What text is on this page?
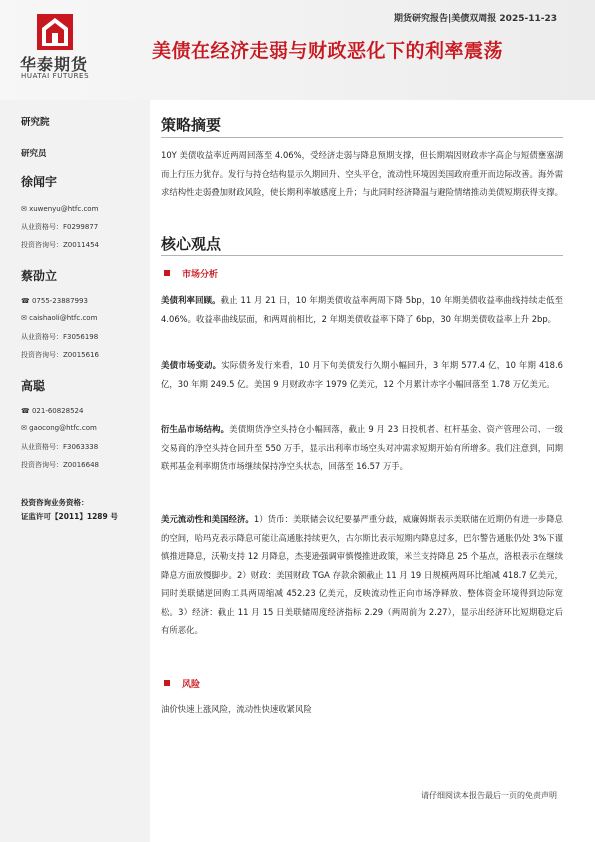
华泰期货
HUATAI FUTURES
期货研究报告|美债双周报 2025-11-23
美债在经济走弱与财政恶化下的利率震荡
研究院
研究员
徐闻宇
✉ xuwenyu@htfc.com
从业资格号：F0299877
投资咨询号：Z0011454
蔡劭立
☎ 0755-23887993
✉ caishaoli@htfc.com
从业资格号：F3056198
投资咨询号：Z0015616
高聪
☎ 021-60828524
✉ gaocong@htfc.com
从业资格号：F3063338
投资咨询号：Z0016648
投资咨询业务资格：
证监许可【2011】1289 号
策略摘要
10Y 美债收益率近两周回落至 4.06%，受经济走弱与降息预期支撑，但长期端因财政赤字高企与短债壅塞湖而上行压力犹存。发行与持仓结构显示久期回升、空头平仓，流动性环境因美国政府重开而边际改善。海外需求结构性走弱叠加财政风险，使长期利率敏感度上升；与此同时经济降温与避险情绪推动美债短期获得支撑。
核心观点
市场分析
美债利率回顾。截止 11 月 21 日，10 年期美债收益率两周下降 5bp，10 年期美债收益率曲线持续走低至 4.06%。收益率曲线层面，和两周前相比，2 年期美债收益率下降了 6bp，30 年期美债收益率上升 2bp。
美债市场变动。实际债务发行来看，10 月下旬美债发行久期小幅回升，3 年期 577.4 亿，10 年期 418.6 亿，30 年期 249.5 亿。美国 9 月财政赤字 1979 亿美元，12 个月累计赤字小幅回落至 1.78 万亿美元。
衍生品市场结构。美债期货净空头持仓小幅回落，截止 9 月 23 日投机者、杠杆基金、资产管理公司、一级交易商的净空头持仓回升至 550 万手，显示出利率市场空头对冲需求短期开始有所增多。我们注意到，同期联邦基金利率期货市场继续保持净空头状态，回落至 16.57 万手。
美元流动性和美国经济。1）货币：美联储会议纪要暴严重分歧，威廉姆斯表示美联储在近期仍有进一步降息的空间，哈玛克表示降息可能让高通胀持续更久，古尔斯比表示短期内降息过多，巴尔警告通胀仍处 3%下谨慎推进降息，沃勒支持 12 月降息，杰斐逊强调审慎慢推进政策，米兰支持降息 25 个基点，洛根表示在继续降息方面放慢脚步。2）财政：美国财政 TGA 存款余额截止 11 月 19 日规模两周环比缩减 418.7 亿美元，同时美联储逆回购工具两周缩减 452.23 亿美元，反映流动性正向市场净释放、整体资金环境得到边际宽松。3）经济：截止 11 月 15 日美联储周度经济指标 2.29（两周前为 2.27），显示出经济环比短期稳定后有所恶化。
风险
油价快速上涨风险，流动性快速收紧风险
请仔细阅读本报告最后一页的免责声明
